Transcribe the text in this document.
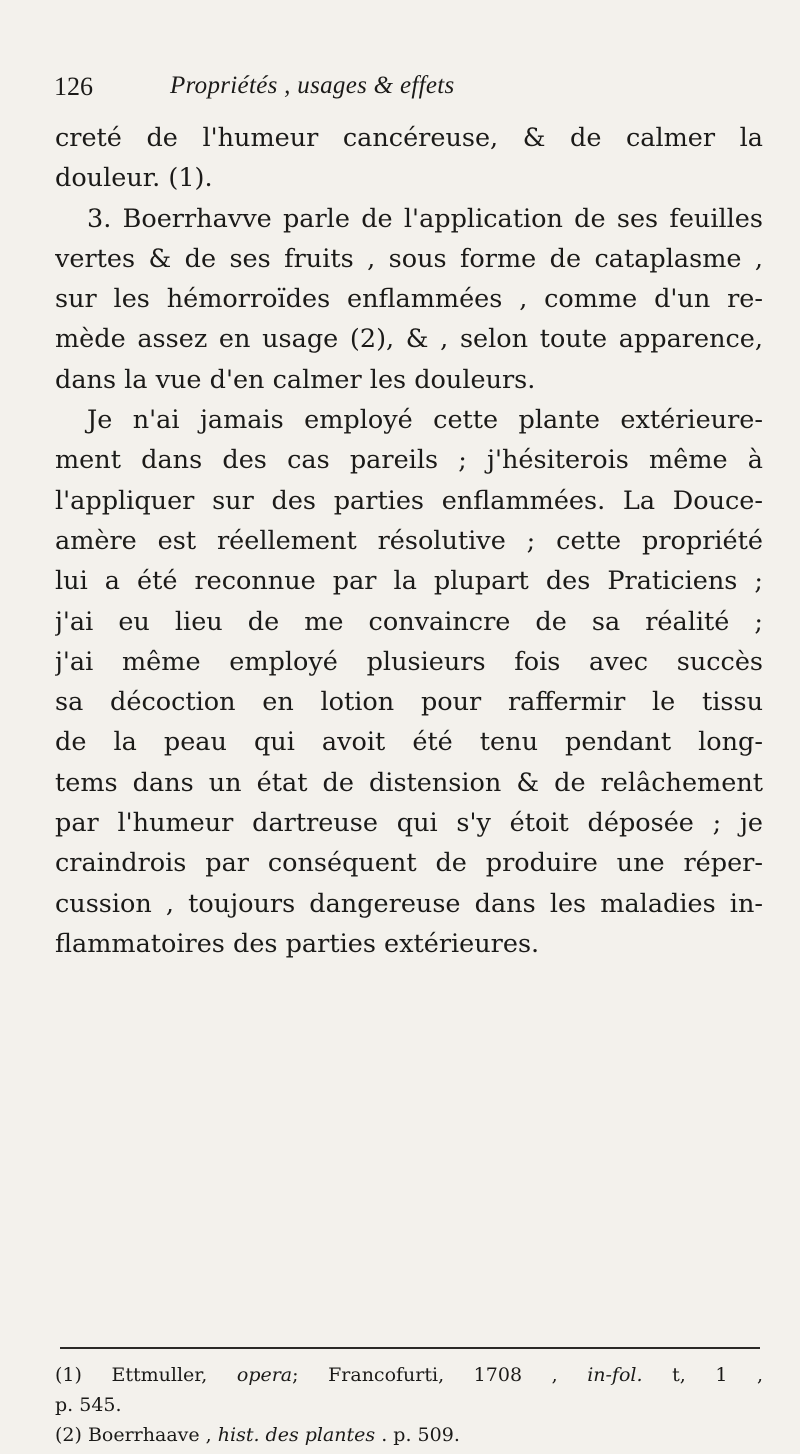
126	Propriétés , usages & effets
creté de l'humeur cancéreuse, & de calmer la
douleur. (1).
3. Boerrhavve parle de l'application de ses feuilles
vertes & de ses fruits , sous forme de cataplasme ,
sur les hémorroïdes enflammées , comme d'un re-
mède assez en usage (2), & , selon toute apparence,
dans la vue d'en calmer les douleurs.
Je n'ai jamais employé cette plante extérieure-
ment dans des cas pareils ; j'hésiterois même à
l'appliquer sur des parties enflammées. La Douce-
amère est réellement résolutive ; cette propriété
lui a été reconnue par la plupart des Praticiens ;
j'ai eu lieu de me convaincre de sa réalité ;
j'ai même employé plusieurs fois avec succès
sa décoction en lotion pour raffermir le tissu
de la peau qui avoit été tenu pendant long-
tems dans un état de distension & de relâchement
par l'humeur dartreuse qui s'y étoit déposée ; je
craindrois par conséquent de produire une réper-
cussion , toujours dangereuse dans les maladies in-
flammatoires des parties extérieures.
(1) Ettmuller, opera; Francofurti, 1708 , in-fol. t, 1 ,
p. 545.
(2) Boerrhaave , hist. des plantes . p. 509.
